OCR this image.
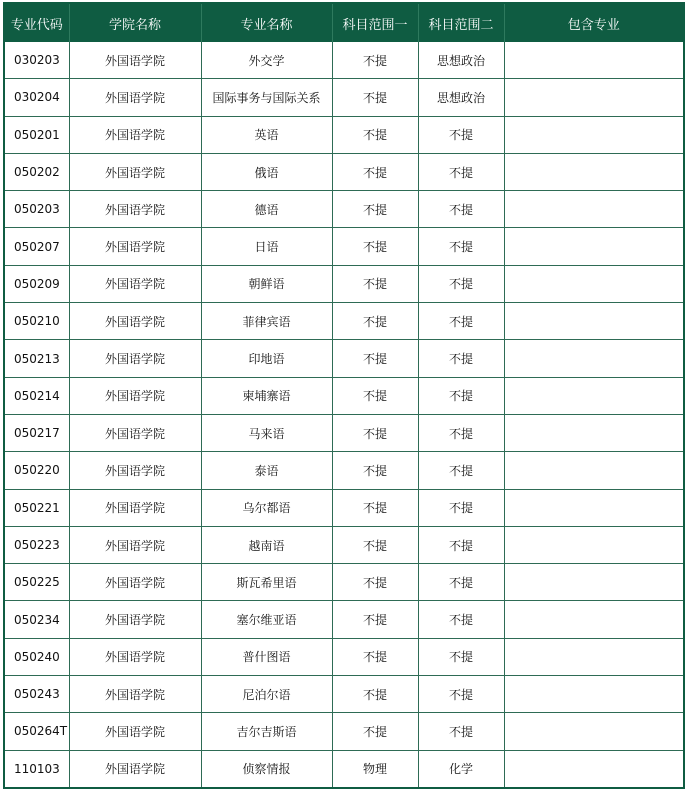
专业代码	学院名称	专业名称	科目范围一	科目范围二	包含专业
030203	外国语学院	外交学	不提	思想政治	
030204	外国语学院	国际事务与国际关系	不提	思想政治	
050201	外国语学院	英语	不提	不提	
050202	外国语学院	俄语	不提	不提	
050203	外国语学院	德语	不提	不提	
050207	外国语学院	日语	不提	不提	
050209	外国语学院	朝鲜语	不提	不提	
050210	外国语学院	菲律宾语	不提	不提	
050213	外国语学院	印地语	不提	不提	
050214	外国语学院	柬埔寨语	不提	不提	
050217	外国语学院	马来语	不提	不提	
050220	外国语学院	泰语	不提	不提	
050221	外国语学院	乌尔都语	不提	不提	
050223	外国语学院	越南语	不提	不提	
050225	外国语学院	斯瓦希里语	不提	不提	
050234	外国语学院	塞尔维亚语	不提	不提	
050240	外国语学院	普什图语	不提	不提	
050243	外国语学院	尼泊尔语	不提	不提	
050264T	外国语学院	吉尔吉斯语	不提	不提	
110103	外国语学院	侦察情报	物理	化学	
